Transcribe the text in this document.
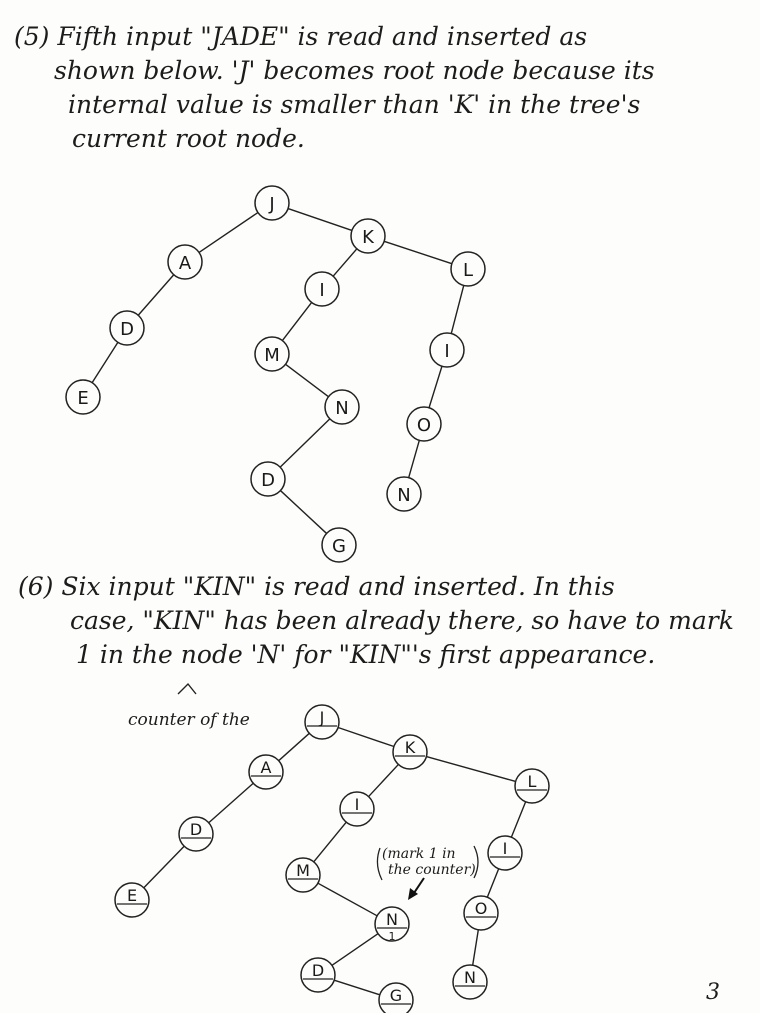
(5) Fifth input "JADE" is read and inserted as
shown below. 'J' becomes root node because its
internal value is smaller than 'K' in the tree's
current root node.
J
A
D
E
K
I
M
N
D
G
L
I
O
N
(6) Six input "KIN" is read and inserted. In this
case, "KIN" has been already there, so have to mark
1 in the node 'N' for "KIN"'s first appearance.
counter of the	J
A
D
E
K
I
M
N
1
D
G
L
I
O
N
(mark 1 in
the counter)
3
